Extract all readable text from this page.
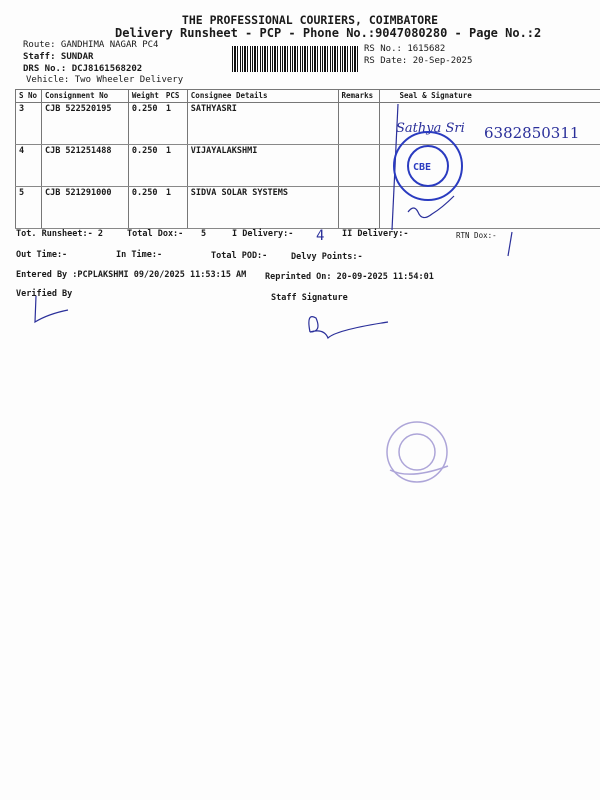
THE PROFESSIONAL COURIERS, COIMBATORE
Delivery Runsheet - PCP - Phone No.:9047080280 - Page No.:2
Route: GANDHIMA NAGAR PC4
Staff: SUNDAR
DRS No.: DCJ8161568202
Vehicle: Two Wheeler Delivery
RS No.: 1615682
RS Date: 20-Sep-2025
S No	Consignment No	Weight	PCS	Consignee Details	Remarks	Seal & Signature
3	CJB 522520195	0.250	1	SATHYASRI		
4	CJB 521251488	0.250	1	VIJAYALAKSHMI		
5	CJB 521291000	0.250	1	SIDVA SOLAR SYSTEMS		
Tot. Runsheet:- 2	Total Dox:- 5	I Delivery:-	II Delivery:-	RTN Dox:-
Out Time:-	In Time:-	Total POD:-	Delvy Points:-
Entered By :PCPLAKSHMI 09/20/2025 11:53:15 AM Reprinted On: 20-09-2025 11:54:01
Verified By	Staff Signature
Sathya Sri 6382850311
CBE
4
